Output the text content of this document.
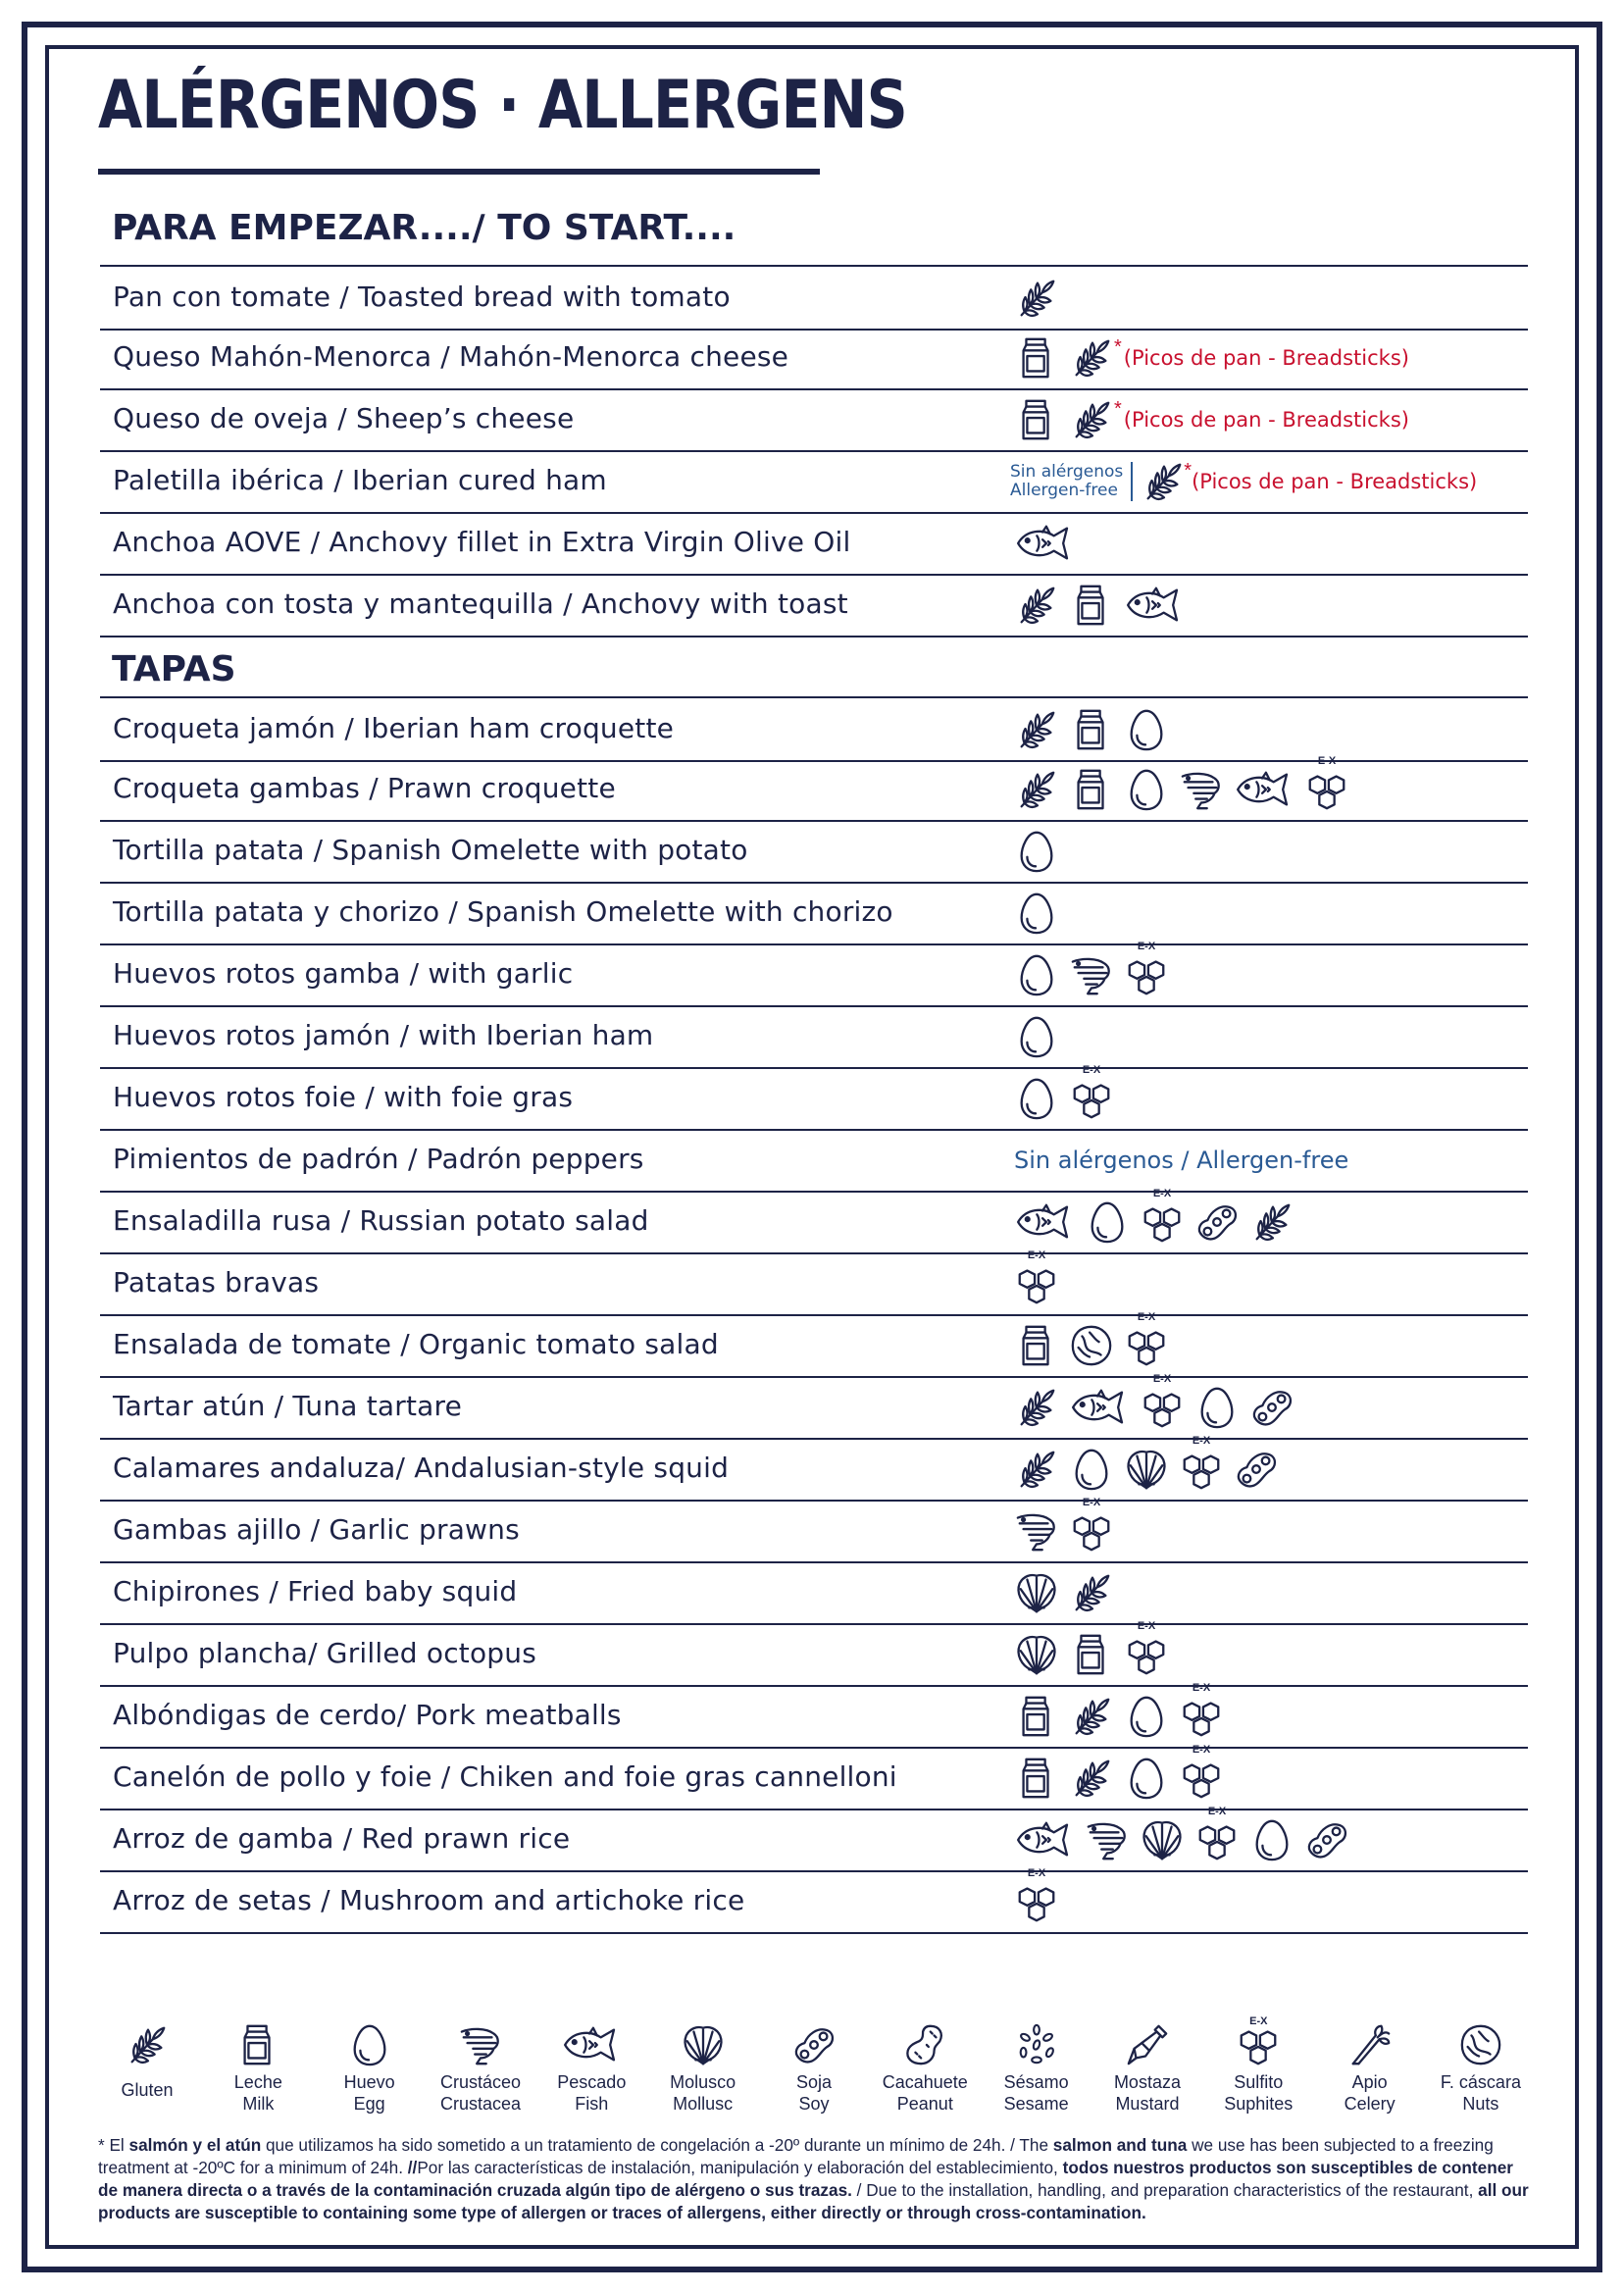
ALÉRGENOS · ALLERGENS
PARA EMPEZAR..../ TO START....
Pan con tomate / Toasted bread with tomato
Queso Mahón-Menorca / Mahón-Menorca cheese	* (Picos de pan - Breadsticks)
Queso de oveja / Sheep’s cheese	* (Picos de pan - Breadsticks)
Paletilla ibérica / Iberian cured ham	Sin alérgenos
Allergen-free
* (Picos de pan - Breadsticks)
Anchoa AOVE / Anchovy fillet in Extra Virgin Olive Oil
Anchoa con tosta y mantequilla / Anchovy with toast
TAPAS
Croqueta jamón / Iberian ham croquette
Croqueta gambas / Prawn croquette
E-X
Tortilla patata / Spanish Omelette with potato
Tortilla patata y chorizo / Spanish Omelette with chorizo
Huevos rotos gamba / with garlic
E-X
Huevos rotos jamón / with Iberian ham
Huevos rotos foie / with foie gras
E-X
Pimientos de padrón / Padrón peppers	Sin alérgenos / Allergen-free
Ensaladilla rusa / Russian potato salad
E-X
Patatas bravas
E-X
Ensalada de tomate / Organic tomato salad
E-X
Tartar atún / Tuna tartare
E-X
Calamares andaluza/ Andalusian-style squid
E-X
Gambas ajillo / Garlic prawns
E-X
Chipirones / Fried baby squid
Pulpo plancha/ Grilled octopus
E-X
Albóndigas de cerdo/ Pork meatballs
E-X
Canelón de pollo y foie / Chiken and foie gras cannelloni
E-X
Arroz de gamba / Red prawn rice
E-X
Arroz de setas / Mushroom and artichoke rice
E-X
Gluten	Leche
Milk
Huevo
Egg
Crustáceo
Crustacea
Pescado
Fish
Molusco
Mollusc
Soja
Soy
Cacahuete
Peanut
Sésamo
Sesame
Mostaza
Mustard
E-X
Sulfito
Suphites
Apio
Celery
F. cáscara
Nuts
* El salmón y el atún que utilizamos ha sido sometido a un tratamiento de congelación a -20º durante un mínimo de 24h. / The salmon and tuna we use has been subjected to a freezing treatment at -20ºC for a minimum of 24h. //Por las características de instalación, manipulación y elaboración del establecimiento, todos nuestros productos son susceptibles de contener de manera directa o a través de la contaminación cruzada algún tipo de alérgeno o sus trazas. / Due to the installation, handling, and preparation characteristics of the restaurant, all our products are susceptible to containing some type of allergen or traces of allergens, either directly or through cross-contamination.
